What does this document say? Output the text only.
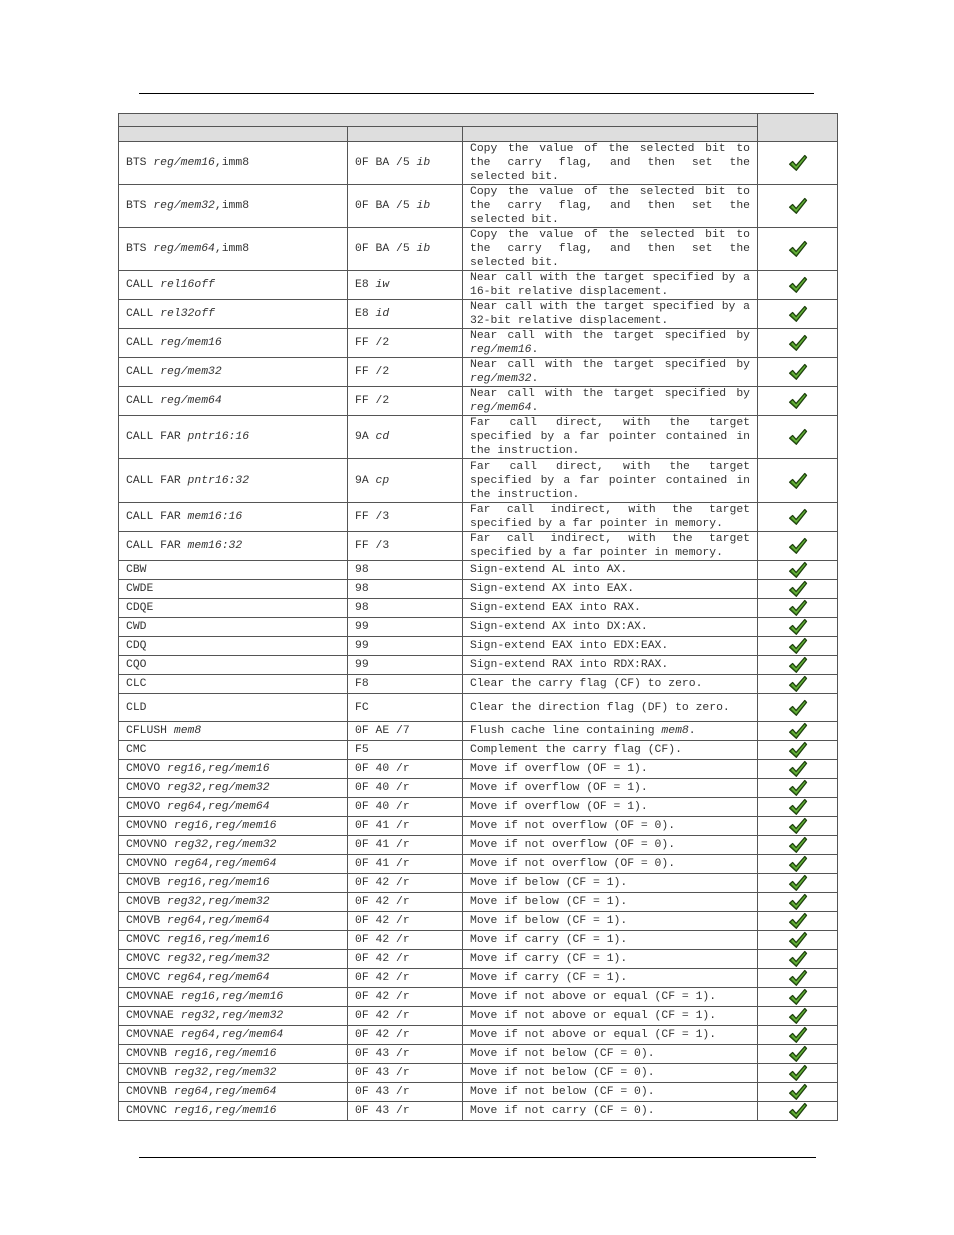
BTS reg/mem16,imm8	0F BA /5 ib	Copy the value of the selected bit to the carry flag, and then set the selected bit.	
BTS reg/mem32,imm8	0F BA /5 ib	Copy the value of the selected bit to the carry flag, and then set the selected bit.	
BTS reg/mem64,imm8	0F BA /5 ib	Copy the value of the selected bit to the carry flag, and then set the selected bit.	
CALL rel16off	E8 iw	Near call with the target specified by a 16-bit relative displacement.	
CALL rel32off	E8 id	Near call with the target specified by a 32-bit relative displacement.	
CALL reg/mem16	FF /2	Near call with the target specified by reg/mem16.	
CALL reg/mem32	FF /2	Near call with the target specified by reg/mem32.	
CALL reg/mem64	FF /2	Near call with the target specified by reg/mem64.	
CALL FAR pntr16:16	9A cd	Far call direct, with the target specified by a far pointer contained in the instruction.	
CALL FAR pntr16:32	9A cp	Far call direct, with the target specified by a far pointer contained in the instruction.	
CALL FAR mem16:16	FF /3	Far call indirect, with the target specified by a far pointer in memory.	
CALL FAR mem16:32	FF /3	Far call indirect, with the target specified by a far pointer in memory.	
CBW	98	Sign-extend AL into AX.	
CWDE	98	Sign-extend AX into EAX.	
CDQE	98	Sign-extend EAX into RAX.	
CWD	99	Sign-extend AX into DX:AX.	
CDQ	99	Sign-extend EAX into EDX:EAX.	
CQO	99	Sign-extend RAX into RDX:RAX.	
CLC	F8	Clear the carry flag (CF) to zero.	
CLD	FC	Clear the direction flag (DF) to zero.	
CFLUSH mem8	0F AE /7	Flush cache line containing mem8.	
CMC	F5	Complement the carry flag (CF).	
CMOVO reg16,reg/mem16	0F 40 /r	Move if overflow (OF = 1).	
CMOVO reg32,reg/mem32	0F 40 /r	Move if overflow (OF = 1).	
CMOVO reg64,reg/mem64	0F 40 /r	Move if overflow (OF = 1).	
CMOVNO reg16,reg/mem16	0F 41 /r	Move if not overflow (OF = 0).	
CMOVNO reg32,reg/mem32	0F 41 /r	Move if not overflow (OF = 0).	
CMOVNO reg64,reg/mem64	0F 41 /r	Move if not overflow (OF = 0).	
CMOVB reg16,reg/mem16	0F 42 /r	Move if below (CF = 1).	
CMOVB reg32,reg/mem32	0F 42 /r	Move if below (CF = 1).	
CMOVB reg64,reg/mem64	0F 42 /r	Move if below (CF = 1).	
CMOVC reg16,reg/mem16	0F 42 /r	Move if carry (CF = 1).	
CMOVC reg32,reg/mem32	0F 42 /r	Move if carry (CF = 1).	
CMOVC reg64,reg/mem64	0F 42 /r	Move if carry (CF = 1).	
CMOVNAE reg16,reg/mem16	0F 42 /r	Move if not above or equal (CF = 1).	
CMOVNAE reg32,reg/mem32	0F 42 /r	Move if not above or equal (CF = 1).	
CMOVNAE reg64,reg/mem64	0F 42 /r	Move if not above or equal (CF = 1).	
CMOVNB reg16,reg/mem16	0F 43 /r	Move if not below (CF = 0).	
CMOVNB reg32,reg/mem32	0F 43 /r	Move if not below (CF = 0).	
CMOVNB reg64,reg/mem64	0F 43 /r	Move if not below (CF = 0).	
CMOVNC reg16,reg/mem16	0F 43 /r	Move if not carry (CF = 0).	
